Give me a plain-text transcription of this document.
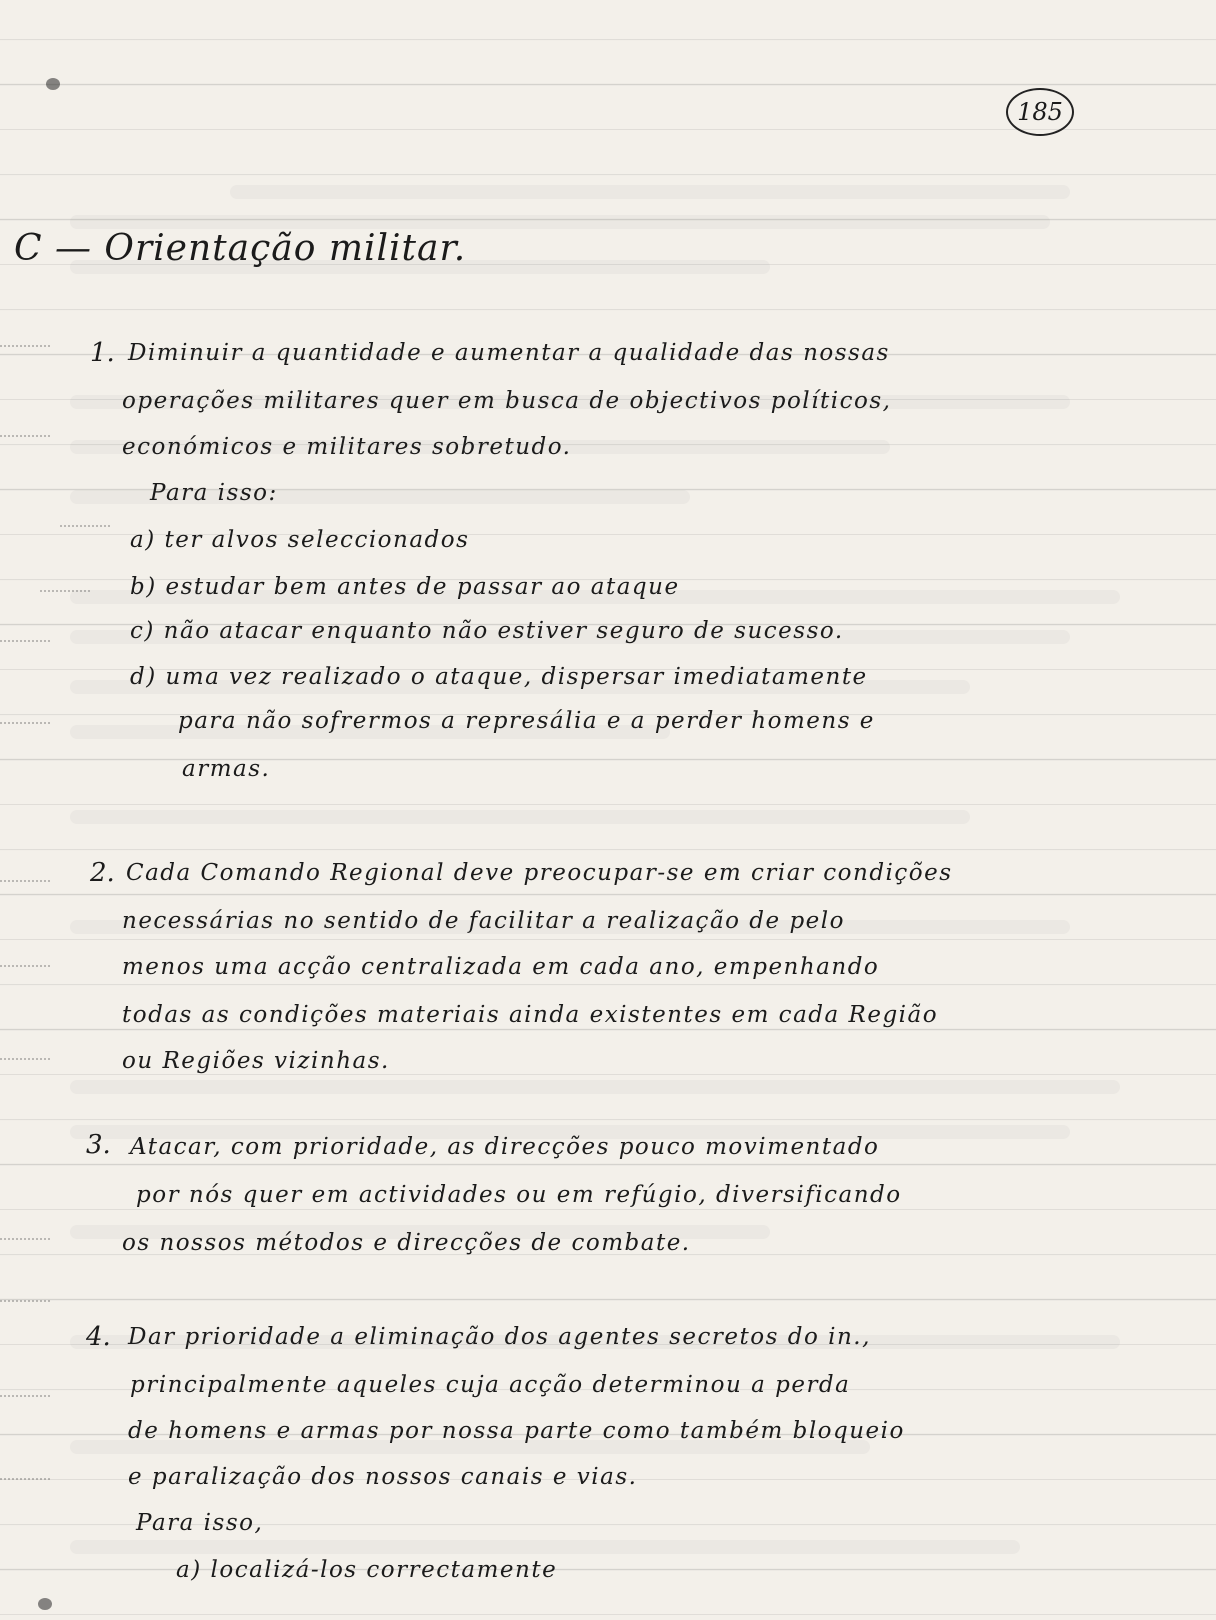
185
C — Orientação militar.
1. Diminuir a quantidade e aumentar a qualidade das nossas
operações militares quer em busca de objectivos políticos,
económicos e militares sobretudo.
Para isso:
a) ter alvos seleccionados
b) estudar bem antes de passar ao ataque
c) não atacar enquanto não estiver seguro de sucesso.
d) uma vez realizado o ataque, dispersar imediatamente
para não sofrermos a represália e a perder homens e
armas.
2. Cada Comando Regional deve preocupar-se em criar condições
necessárias no sentido de facilitar a realização de pelo
menos uma acção centralizada em cada ano, empenhando
todas as condições materiais ainda existentes em cada Região
ou Regiões vizinhas.
3. Atacar, com prioridade, as direcções pouco movimentado
por nós quer em actividades ou em refúgio, diversificando
os nossos métodos e direcções de combate.
4. Dar prioridade a eliminação dos agentes secretos do in.,
principalmente aqueles cuja acção determinou a perda
de homens e armas por nossa parte como também bloqueio
e paralização dos nossos canais e vias.
Para isso,
a) localizá-los correctamente
